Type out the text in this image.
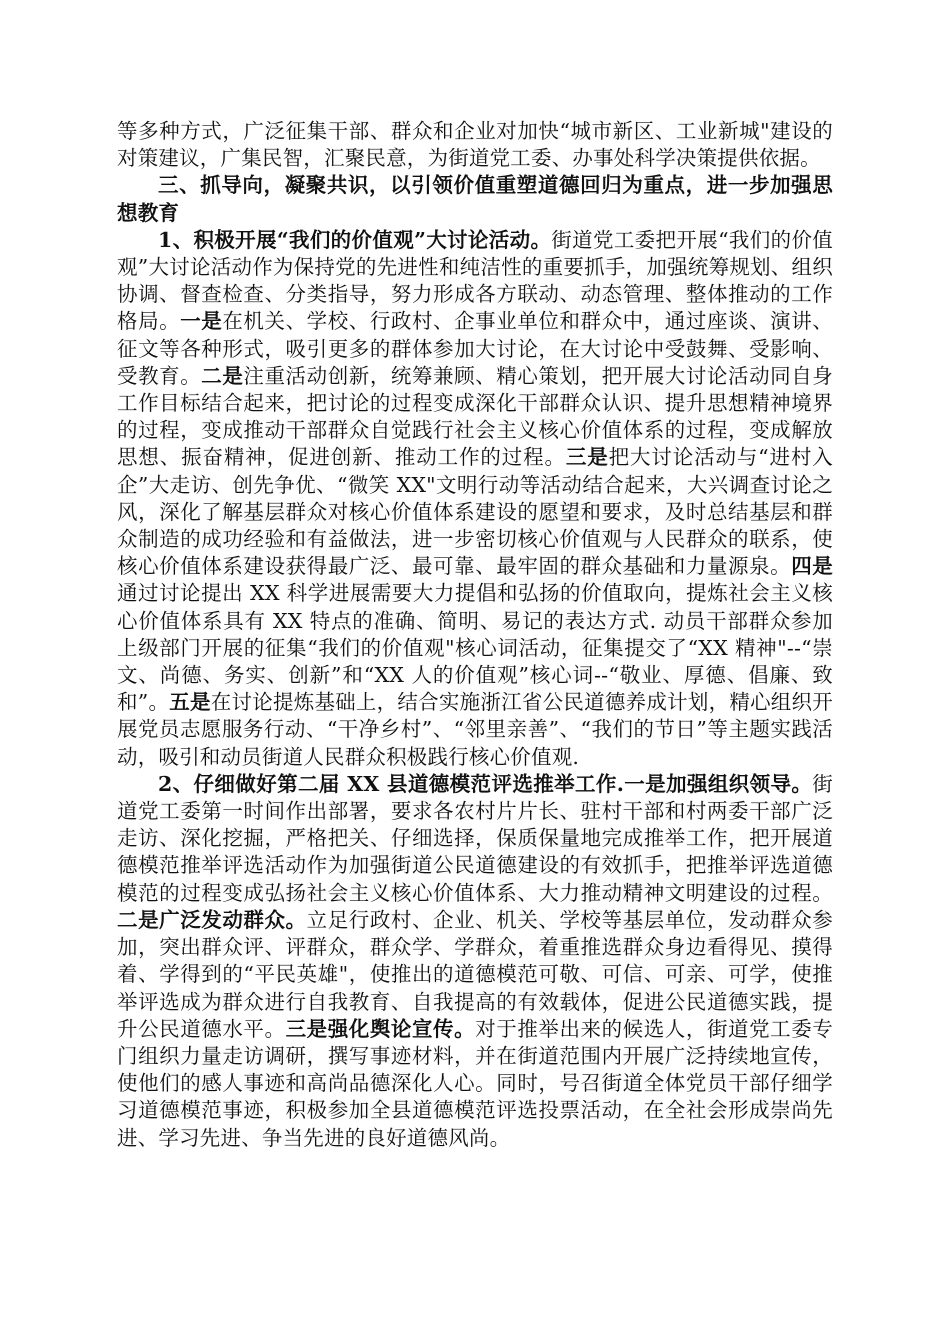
等多种方式，广泛征集干部、群众和企业对加快“城市新区、工业新城"建设的对策建议，广集民智，汇聚民意，为街道党工委、办事处科学决策提供依据。

三、抓导向，凝聚共识，以引领价值重塑道德回归为重点，进一步加强思想教育

1、积极开展“我们的价值观”大讨论活动。街道党工委把开展“我们的价值观”大讨论活动作为保持党的先进性和纯洁性的重要抓手，加强统筹规划、组织协调、督查检查、分类指导，努力形成各方联动、动态管理、整体推动的工作格局。一是在机关、学校、行政村、企事业单位和群众中，通过座谈、演讲、征文等各种形式，吸引更多的群体参加大讨论，在大讨论中受鼓舞、受影响、受教育。二是注重活动创新，统筹兼顾、精心策划，把开展大讨论活动同自身工作目标结合起来，把讨论的过程变成深化干部群众认识、提升思想精神境界的过程，变成推动干部群众自觉践行社会主义核心价值体系的过程，变成解放思想、振奋精神，促进创新、推动工作的过程。三是把大讨论活动与“进村入企”大走访、创先争优、“微笑 XX"文明行动等活动结合起来，大兴调查讨论之风，深化了解基层群众对核心价值体系建设的愿望和要求，及时总结基层和群众制造的成功经验和有益做法，进一步密切核心价值观与人民群众的联系，使核心价值体系建设获得最广泛、最可靠、最牢固的群众基础和力量源泉。四是通过讨论提出 XX 科学进展需要大力提倡和弘扬的价值取向，提炼社会主义核心价值体系具有 XX 特点的准确、简明、易记的表达方式. 动员干部群众参加上级部门开展的征集“我们的价值观"核心词活动，征集提交了“XX 精神"--“崇文、尚德、务实、创新”和“XX 人的价值观”核心词--“敬业、厚德、倡廉、致和”。五是在讨论提炼基础上，结合实施浙江省公民道德养成计划，精心组织开展党员志愿服务行动、“干净乡村”、“邻里亲善”、“我们的节日”等主题实践活动，吸引和动员街道人民群众积极践行核心价值观.

2、仔细做好第二届 XX 县道德模范评选推举工作.一是加强组织领导。街道党工委第一时间作出部署，要求各农村片片长、驻村干部和村两委干部广泛走访、深化挖掘，严格把关、仔细选择，保质保量地完成推举工作，把开展道德模范推举评选活动作为加强街道公民道德建设的有效抓手，把推举评选道德模范的过程变成弘扬社会主义核心价值体系、大力推动精神文明建设的过程。二是广泛发动群众。立足行政村、企业、机关、学校等基层单位，发动群众参加，突出群众评、评群众，群众学、学群众，着重推选群众身边看得见、摸得着、学得到的“平民英雄"，使推出的道德模范可敬、可信、可亲、可学，使推举评选成为群众进行自我教育、自我提高的有效载体，促进公民道德实践，提升公民道德水平。三是强化舆论宣传。对于推举出来的候选人，街道党工委专门组织力量走访调研，撰写事迹材料，并在街道范围内开展广泛持续地宣传，使他们的感人事迹和高尚品德深化人心。同时，号召街道全体党员干部仔细学习道德模范事迹，积极参加全县道德模范评选投票活动，在全社会形成崇尚先进、学习先进、争当先进的良好道德风尚。
